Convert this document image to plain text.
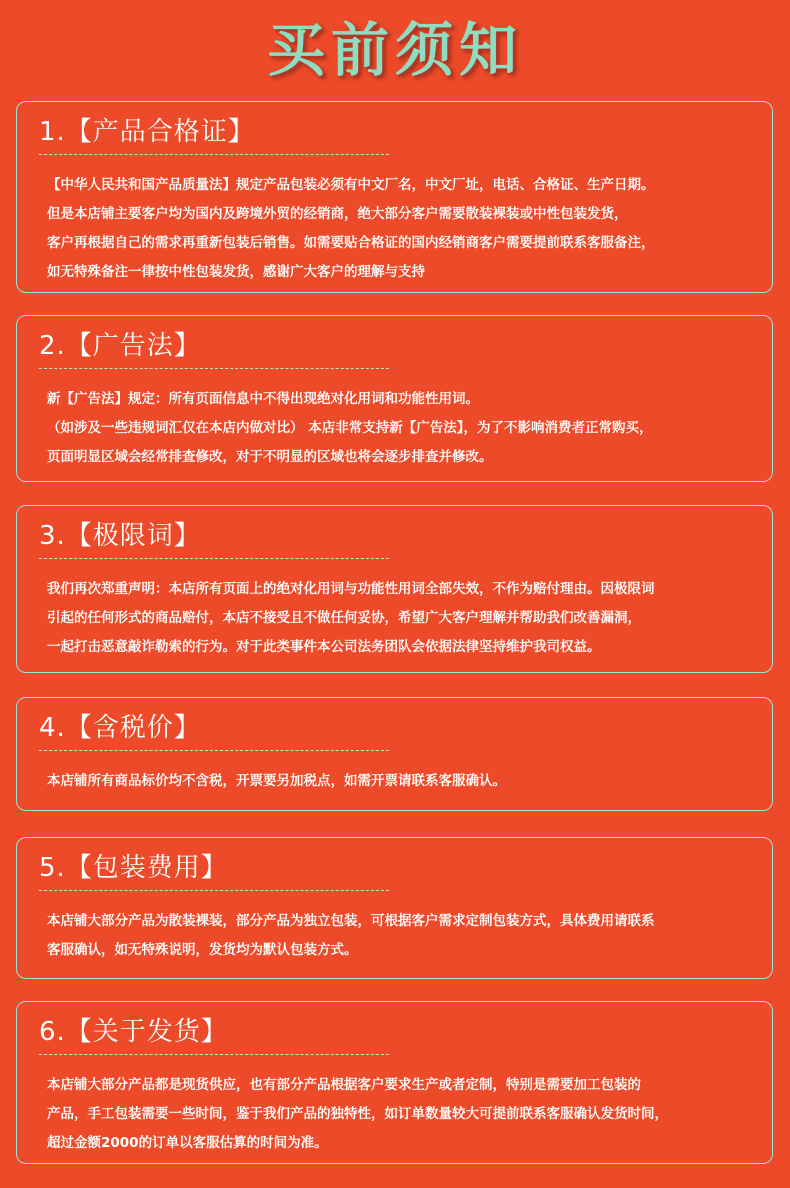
买前须知
1.【产品合格证】
【中华人民共和国产品质量法】规定产品包装必须有中文厂名，中文厂址，电话、合格证、生产日期。
但是本店铺主要客户均为国内及跨境外贸的经销商，绝大部分客户需要散装裸装或中性包装发货，
客户再根据自己的需求再重新包装后销售。如需要贴合格证的国内经销商客户需要提前联系客服备注，
如无特殊备注一律按中性包装发货，感谢广大客户的理解与支持
2.【广告法】
新【广告法】规定：所有页面信息中不得出现绝对化用词和功能性用词。
（如涉及一些违规词汇仅在本店内做对比） 本店非常支持新【广告法】，为了不影响消费者正常购买，
页面明显区域会经常排查修改，对于不明显的区域也将会逐步排查并修改。
3.【极限词】
我们再次郑重声明：本店所有页面上的绝对化用词与功能性用词全部失效，不作为赔付理由。因极限词
引起的任何形式的商品赔付，本店不接受且不做任何妥协，希望广大客户理解并帮助我们改善漏洞，
一起打击恶意敲诈勒索的行为。对于此类事件本公司法务团队会依据法律坚持维护我司权益。
4.【含税价】
本店铺所有商品标价均不含税，开票要另加税点，如需开票请联系客服确认。
5.【包装费用】
本店铺大部分产品为散装裸装，部分产品为独立包装，可根据客户需求定制包装方式，具体费用请联系
客服确认，如无特殊说明，发货均为默认包装方式。
6.【关于发货】
本店铺大部分产品都是现货供应，也有部分产品根据客户要求生产或者定制，特别是需要加工包装的
产品，手工包装需要一些时间，鉴于我们产品的独特性，如订单数量较大可提前联系客服确认发货时间，
超过金额2000的订单以客服估算的时间为准。
